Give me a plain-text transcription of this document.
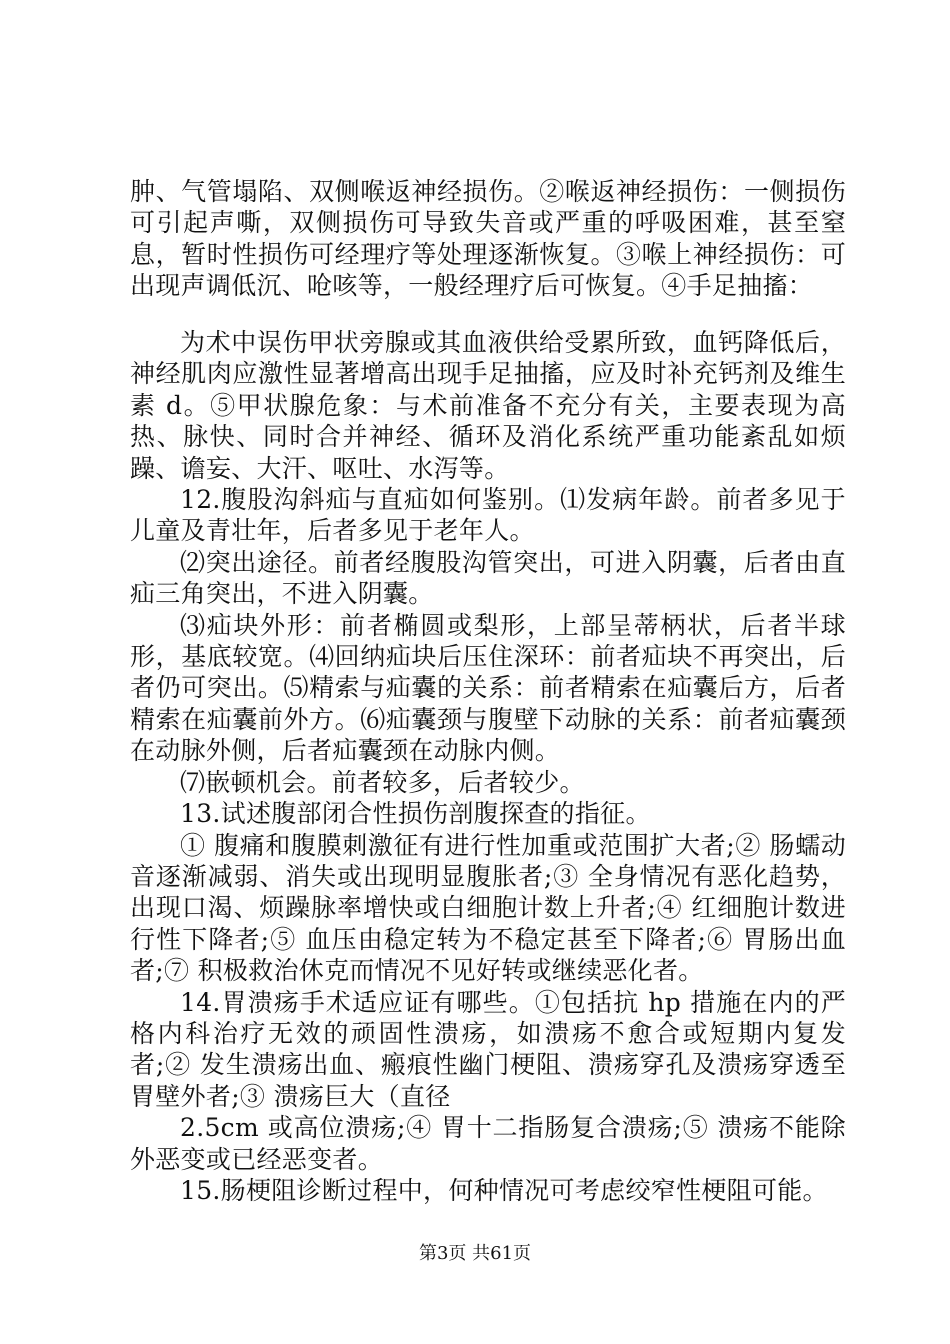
肿、气管塌陷、双侧喉返神经损伤。②喉返神经损伤：一侧损伤可引起声嘶，双侧损伤可导致失音或严重的呼吸困难，甚至窒息，暂时性损伤可经理疗等处理逐渐恢复。③喉上神经损伤：可出现声调低沉、呛咳等，一般经理疗后可恢复。④手足抽搐：

为术中误伤甲状旁腺或其血液供给受累所致，血钙降低后，神经肌肉应激性显著增高出现手足抽搐，应及时补充钙剂及维生素 d。⑤甲状腺危象：与术前准备不充分有关，主要表现为高热、脉快、同时合并神经、循环及消化系统严重功能紊乱如烦躁、谵妄、大汗、呕吐、水泻等。

12.腹股沟斜疝与直疝如何鉴别。⑴发病年龄。前者多见于儿童及青壮年，后者多见于老年人。

⑵突出途径。前者经腹股沟管突出，可进入阴囊，后者由直疝三角突出，不进入阴囊。

⑶疝块外形：前者椭圆或梨形，上部呈蒂柄状，后者半球形，基底较宽。⑷回纳疝块后压住深环：前者疝块不再突出，后者仍可突出。⑸精索与疝囊的关系：前者精索在疝囊后方，后者精索在疝囊前外方。⑹疝囊颈与腹壁下动脉的关系：前者疝囊颈在动脉外侧，后者疝囊颈在动脉内侧。

⑺嵌顿机会。前者较多，后者较少。

13.试述腹部闭合性损伤剖腹探查的指征。

① 腹痛和腹膜刺激征有进行性加重或范围扩大者;② 肠蠕动音逐渐减弱、消失或出现明显腹胀者;③ 全身情况有恶化趋势，出现口渴、烦躁脉率增快或白细胞计数上升者;④ 红细胞计数进行性下降者;⑤ 血压由稳定转为不稳定甚至下降者;⑥ 胃肠出血者;⑦ 积极救治休克而情况不见好转或继续恶化者。

14.胃溃疡手术适应证有哪些。①包括抗 hp 措施在内的严格内科治疗无效的顽固性溃疡，如溃疡不愈合或短期内复发者;② 发生溃疡出血、瘢痕性幽门梗阻、溃疡穿孔及溃疡穿透至胃壁外者;③ 溃疡巨大（直径

2.5cm 或高位溃疡;④ 胃十二指肠复合溃疡;⑤ 溃疡不能除外恶变或已经恶变者。

15.肠梗阻诊断过程中，何种情况可考虑绞窄性梗阻可能。

第3页 共61页
